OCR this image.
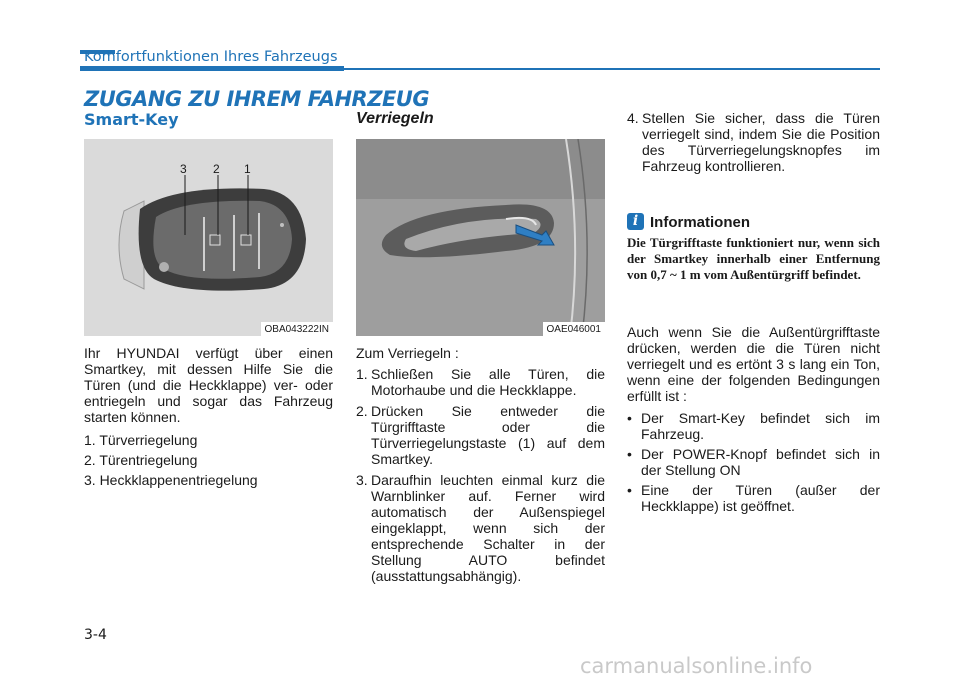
Komfortfunktionen Ihres Fahrzeugs
ZUGANG ZU IHREM FAHRZEUG
Smart-Key
3 2 1
OBA043222IN
Ihr HYUNDAI verfügt über einen Smartkey, mit dessen Hilfe Sie die Türen (und die Heckklappe) ver- oder entriegeln und sogar das Fahrzeug starten können.
1. Türverriegelung
2. Türentriegelung
3. Heckklappenentriegelung
Verriegeln
OAE046001
Zum Verriegeln :
1. Schließen Sie alle Türen, die Motorhaube und die Heckklappe.
2. Drücken Sie entweder die Türgrifftaste oder die Türverriegelungstaste (1) auf dem Smartkey.
3. Daraufhin leuchten einmal kurz die Warnblinker auf. Ferner wird automatisch der Außenspiegel eingeklappt, wenn sich der entsprechende Schalter in der Stellung AUTO befindet (ausstattungsabhängig).
4. Stellen Sie sicher, dass die Türen verriegelt sind, indem Sie die Position des Türverriegelungsknopfes im Fahrzeug kontrollieren.
i Informationen
Die Türgrifftaste funktioniert nur, wenn sich der Smartkey innerhalb einer Entfernung von 0,7 ~ 1 m vom Außentürgriff befindet.
Auch wenn Sie die Außentürgrifftaste drücken, werden die die Türen nicht verriegelt und es ertönt 3 s lang ein Ton, wenn eine der folgenden Bedingungen erfüllt ist :
• Der Smart-Key befindet sich im Fahrzeug.
• Der POWER-Knopf befindet sich in der Stellung ON
• Eine der Türen (außer der Heckklappe) ist geöffnet.
3-4
carmanualsonline.info
